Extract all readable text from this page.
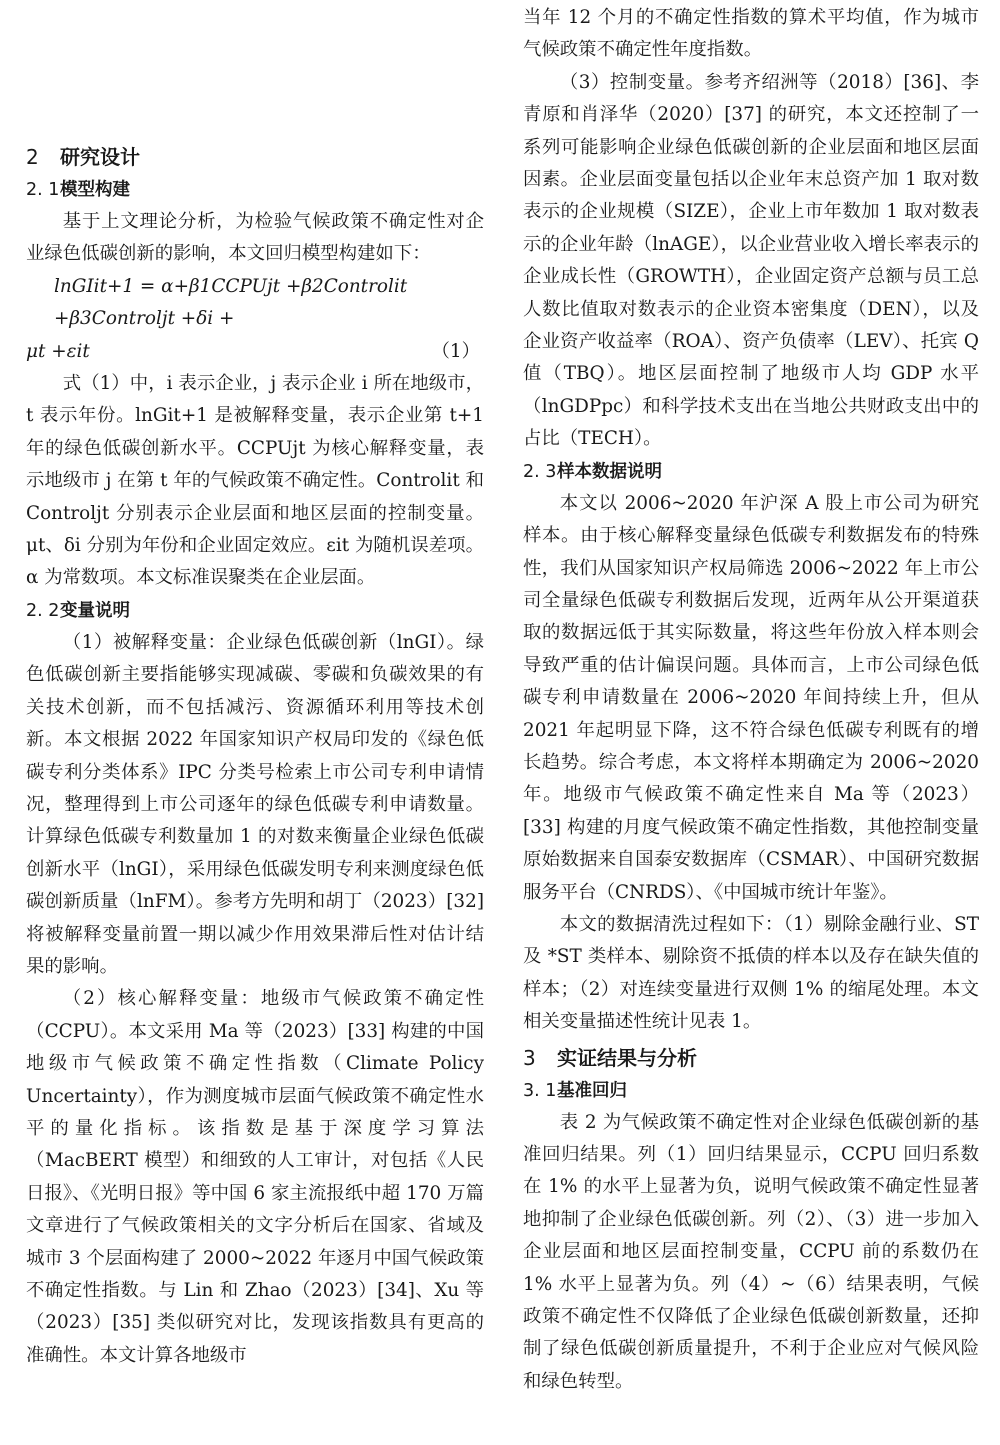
2 研究设计
2. 1模型构建

基于上文理论分析，为检验气候政策不确定性对企业绿色低碳创新的影响，本文回归模型构建如下：

lnGIit+1 = α+β1CCPUjt +β2Controlit +β3Controljt +δi +
μt +εit	（1）

式（1）中，i 表示企业，j 表示企业 i 所在地级市，t 表示年份。lnGit+1 是被解释变量，表示企业第 t+1 年的绿色低碳创新水平。CCPUjt 为核心解释变量，表示地级市 j 在第 t 年的气候政策不确定性。Controlit 和 Controljt 分别表示企业层面和地区层面的控制变量。μt、δi 分别为年份和企业固定效应。εit 为随机误差项。α 为常数项。本文标准误聚类在企业层面。

2. 2变量说明

（1）被解释变量：企业绿色低碳创新（lnGI）。绿色低碳创新主要指能够实现减碳、零碳和负碳效果的有关技术创新，而不包括减污、资源循环利用等技术创新。本文根据 2022 年国家知识产权局印发的《绿色低碳专利分类体系》IPC 分类号检索上市公司专利申请情况，整理得到上市公司逐年的绿色低碳专利申请数量。计算绿色低碳专利数量加 1 的对数来衡量企业绿色低碳创新水平（lnGI），采用绿色低碳发明专利来测度绿色低碳创新质量（lnFM）。参考方先明和胡丁（2023）[32] 将被解释变量前置一期以减少作用效果滞后性对估计结果的影响。

（2）核心解释变量：地级市气候政策不确定性（CCPU）。本文采用 Ma 等（2023）[33] 构建的中国地级市气候政策不确定性指数（Climate Policy Uncertainty），作为测度城市层面气候政策不确定性水平的量化指标。该指数是基于深度学习算法（MacBERT 模型）和细致的人工审计，对包括《人民日报》、《光明日报》等中国 6 家主流报纸中超 170 万篇文章进行了气候政策相关的文字分析后在国家、省域及城市 3 个层面构建了 2000~2022 年逐月中国气候政策不确定性指数。与 Lin 和 Zhao（2023）[34]、Xu 等（2023）[35] 类似研究对比，发现该指数具有更高的准确性。本文计算各地级市

当年 12 个月的不确定性指数的算术平均值，作为城市气候政策不确定性年度指数。

（3）控制变量。参考齐绍洲等（2018）[36]、李青原和肖泽华（2020）[37] 的研究，本文还控制了一系列可能影响企业绿色低碳创新的企业层面和地区层面因素。企业层面变量包括以企业年末总资产加 1 取对数表示的企业规模（SIZE），企业上市年数加 1 取对数表示的企业年龄（lnAGE），以企业营业收入增长率表示的企业成长性（GROWTH），企业固定资产总额与员工总人数比值取对数表示的企业资本密集度（DEN），以及企业资产收益率（ROA）、资产负债率（LEV）、托宾 Q 值（TBQ）。地区层面控制了地级市人均 GDP 水平（lnGDPpc）和科学技术支出在当地公共财政支出中的占比（TECH）。

2. 3样本数据说明

本文以 2006~2020 年沪深 A 股上市公司为研究样本。由于核心解释变量绿色低碳专利数据发布的特殊性，我们从国家知识产权局筛选 2006~2022 年上市公司全量绿色低碳专利数据后发现，近两年从公开渠道获取的数据远低于其实际数量，将这些年份放入样本则会导致严重的估计偏误问题。具体而言，上市公司绿色低碳专利申请数量在 2006~2020 年间持续上升，但从 2021 年起明显下降，这不符合绿色低碳专利既有的增长趋势。综合考虑，本文将样本期确定为 2006~2020 年。地级市气候政策不确定性来自 Ma 等（2023）[33] 构建的月度气候政策不确定性指数，其他控制变量原始数据来自国泰安数据库（CSMAR）、中国研究数据服务平台（CNRDS）、《中国城市统计年鉴》。

本文的数据清洗过程如下：（1）剔除金融行业、ST 及 *ST 类样本、剔除资不抵债的样本以及存在缺失值的样本；（2）对连续变量进行双侧 1% 的缩尾处理。本文相关变量描述性统计见表 1。

3 实证结果与分析
3. 1基准回归

表 2 为气候政策不确定性对企业绿色低碳创新的基准回归结果。列（1）回归结果显示，CCPU 回归系数在 1% 的水平上显著为负，说明气候政策不确定性显著地抑制了企业绿色低碳创新。列（2）、（3）进一步加入企业层面和地区层面控制变量，CCPU 前的系数仍在 1% 水平上显著为负。列（4）~（6）结果表明，气候政策不确定性不仅降低了企业绿色低碳创新数量，还抑制了绿色低碳创新质量提升，不利于企业应对气候风险和绿色转型。
